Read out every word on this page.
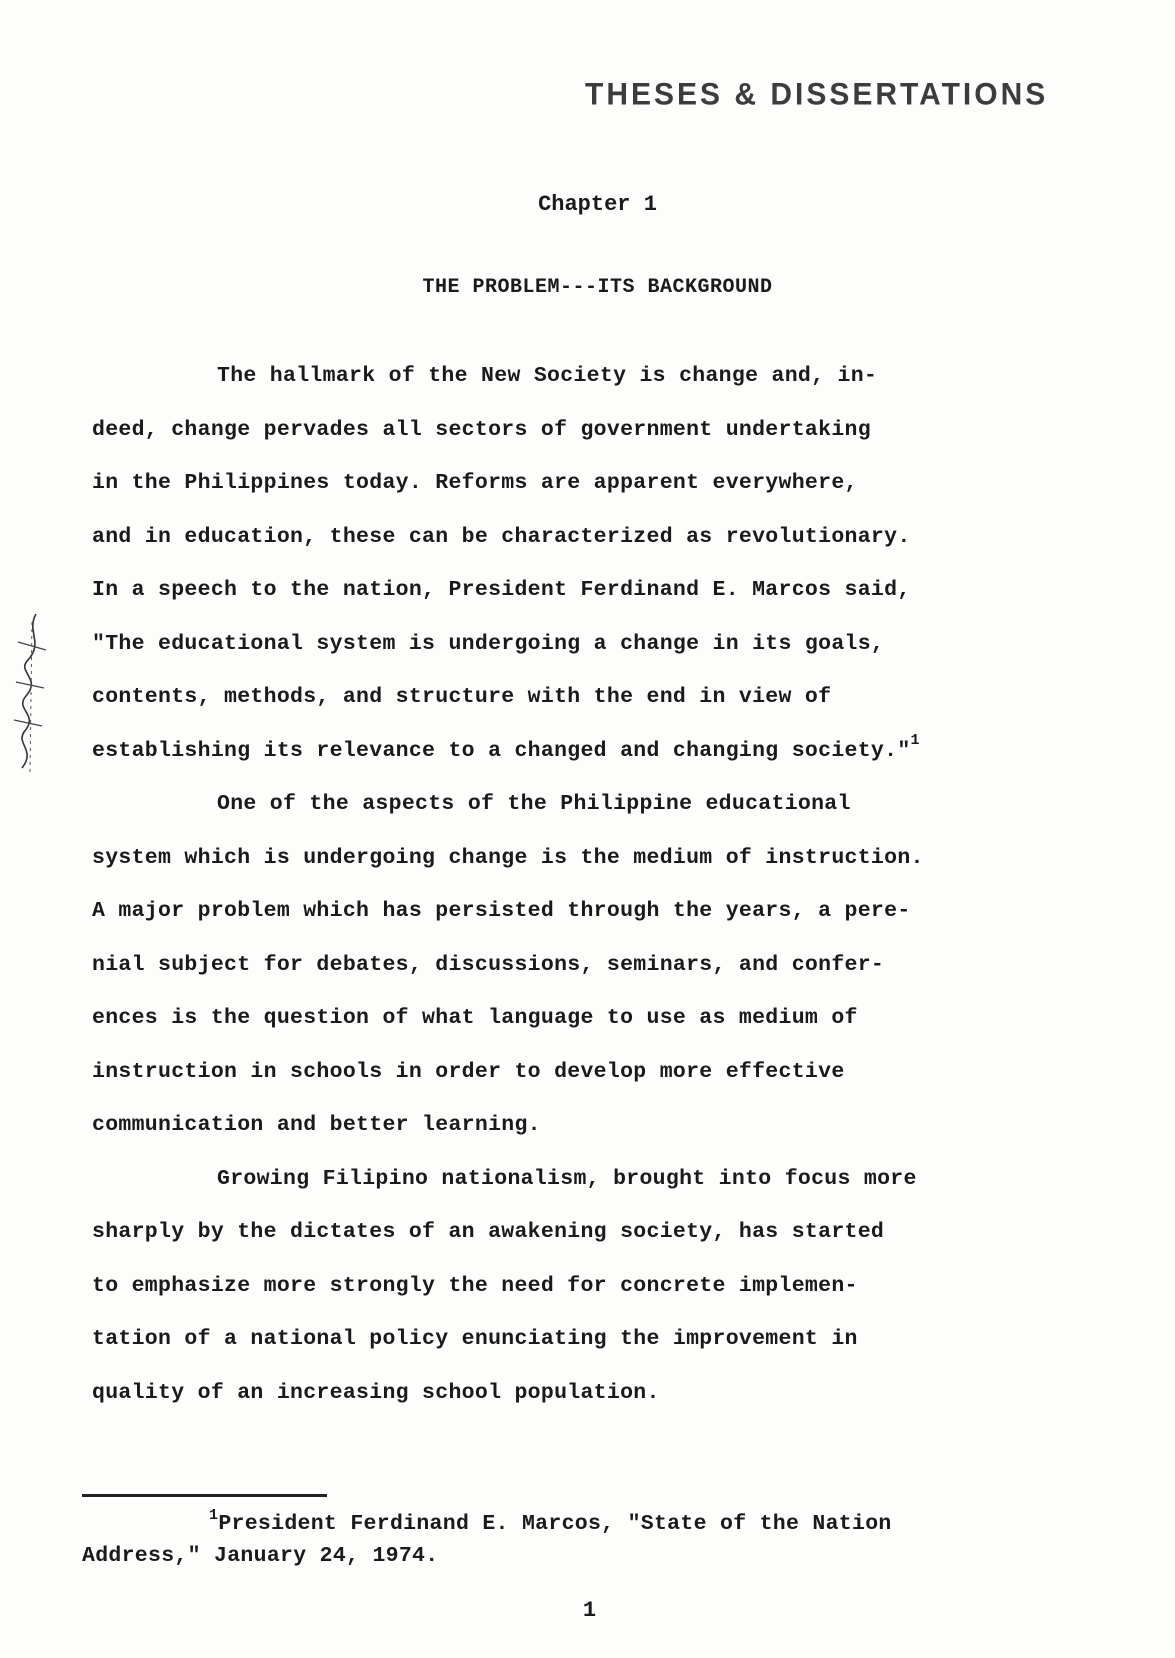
THESES & DISSERTATIONS
Chapter 1
THE PROBLEM---ITS BACKGROUND
The hallmark of the New Society is change and, in-
deed, change pervades all sectors of government undertaking
in the Philippines today. Reforms are apparent everywhere,
and in education, these can be characterized as revolutionary.
In a speech to the nation, President Ferdinand E. Marcos said,
"The educational system is undergoing a change in its goals,
contents, methods, and structure with the end in view of
establishing its relevance to a changed and changing society."$^1$
One of the aspects of the Philippine educational
system which is undergoing change is the medium of instruction.
A major problem which has persisted through the years, a pere-
nial subject for debates, discussions, seminars, and confer-
ences is the question of what language to use as medium of
instruction in schools in order to develop more effective
communication and better learning.
Growing Filipino nationalism, brought into focus more
sharply by the dictates of an awakening society, has started
to emphasize more strongly the need for concrete implemen-
tation of a national policy enunciating the improvement in
quality of an increasing school population.
$^1$President Ferdinand E. Marcos, "State of the Nation
Address," January 24, 1974.
1
